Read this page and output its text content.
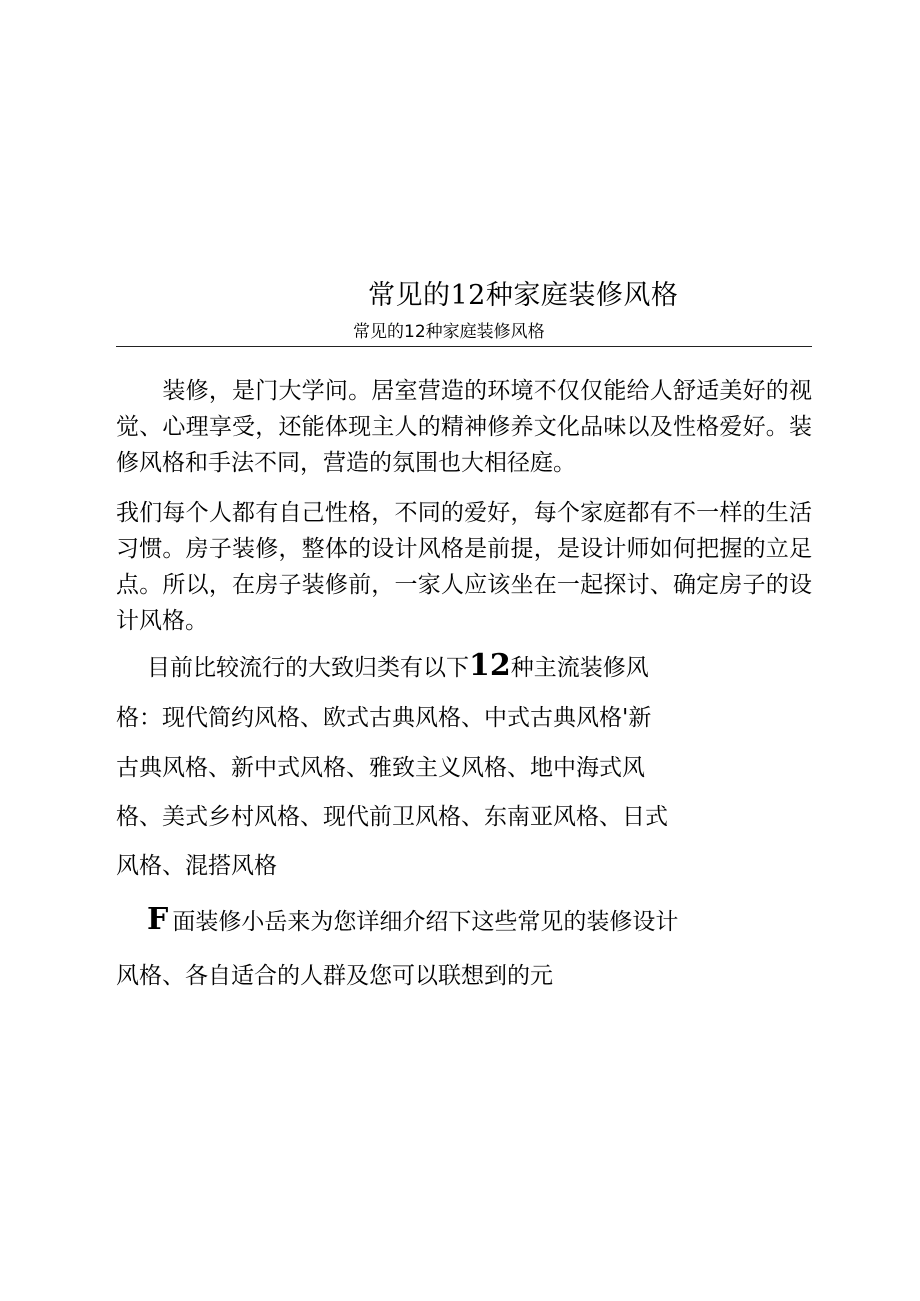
常见的12种家庭装修风格
常见的12种家庭装修风格
　　装修，是门大学问。居室营造的环境不仅仅能给人舒适美好的视觉、心理享受，还能体现主人的精神修养文化品味以及性格爱好。装修风格和手法不同，营造的氛围也大相径庭。
我们每个人都有自己性格，不同的爱好，每个家庭都有不一样的生活习惯。房子装修，整体的设计风格是前提，是设计师如何把握的立足点。所以，在房子装修前，一家人应该坐在一起探讨、确定房子的设计风格。
目前比较流行的大致归类有以下12种主流装修风
格：现代简约风格、欧式古典风格、中式古典风格'新
古典风格、新中式风格、雅致主义风格、地中海式风
格、美式乡村风格、现代前卫风格、东南亚风格、日式
风格、混搭风格
F 面装修小岳来为您详细介绍下这些常见的装修设计
风格、各自适合的人群及您可以联想到的元
